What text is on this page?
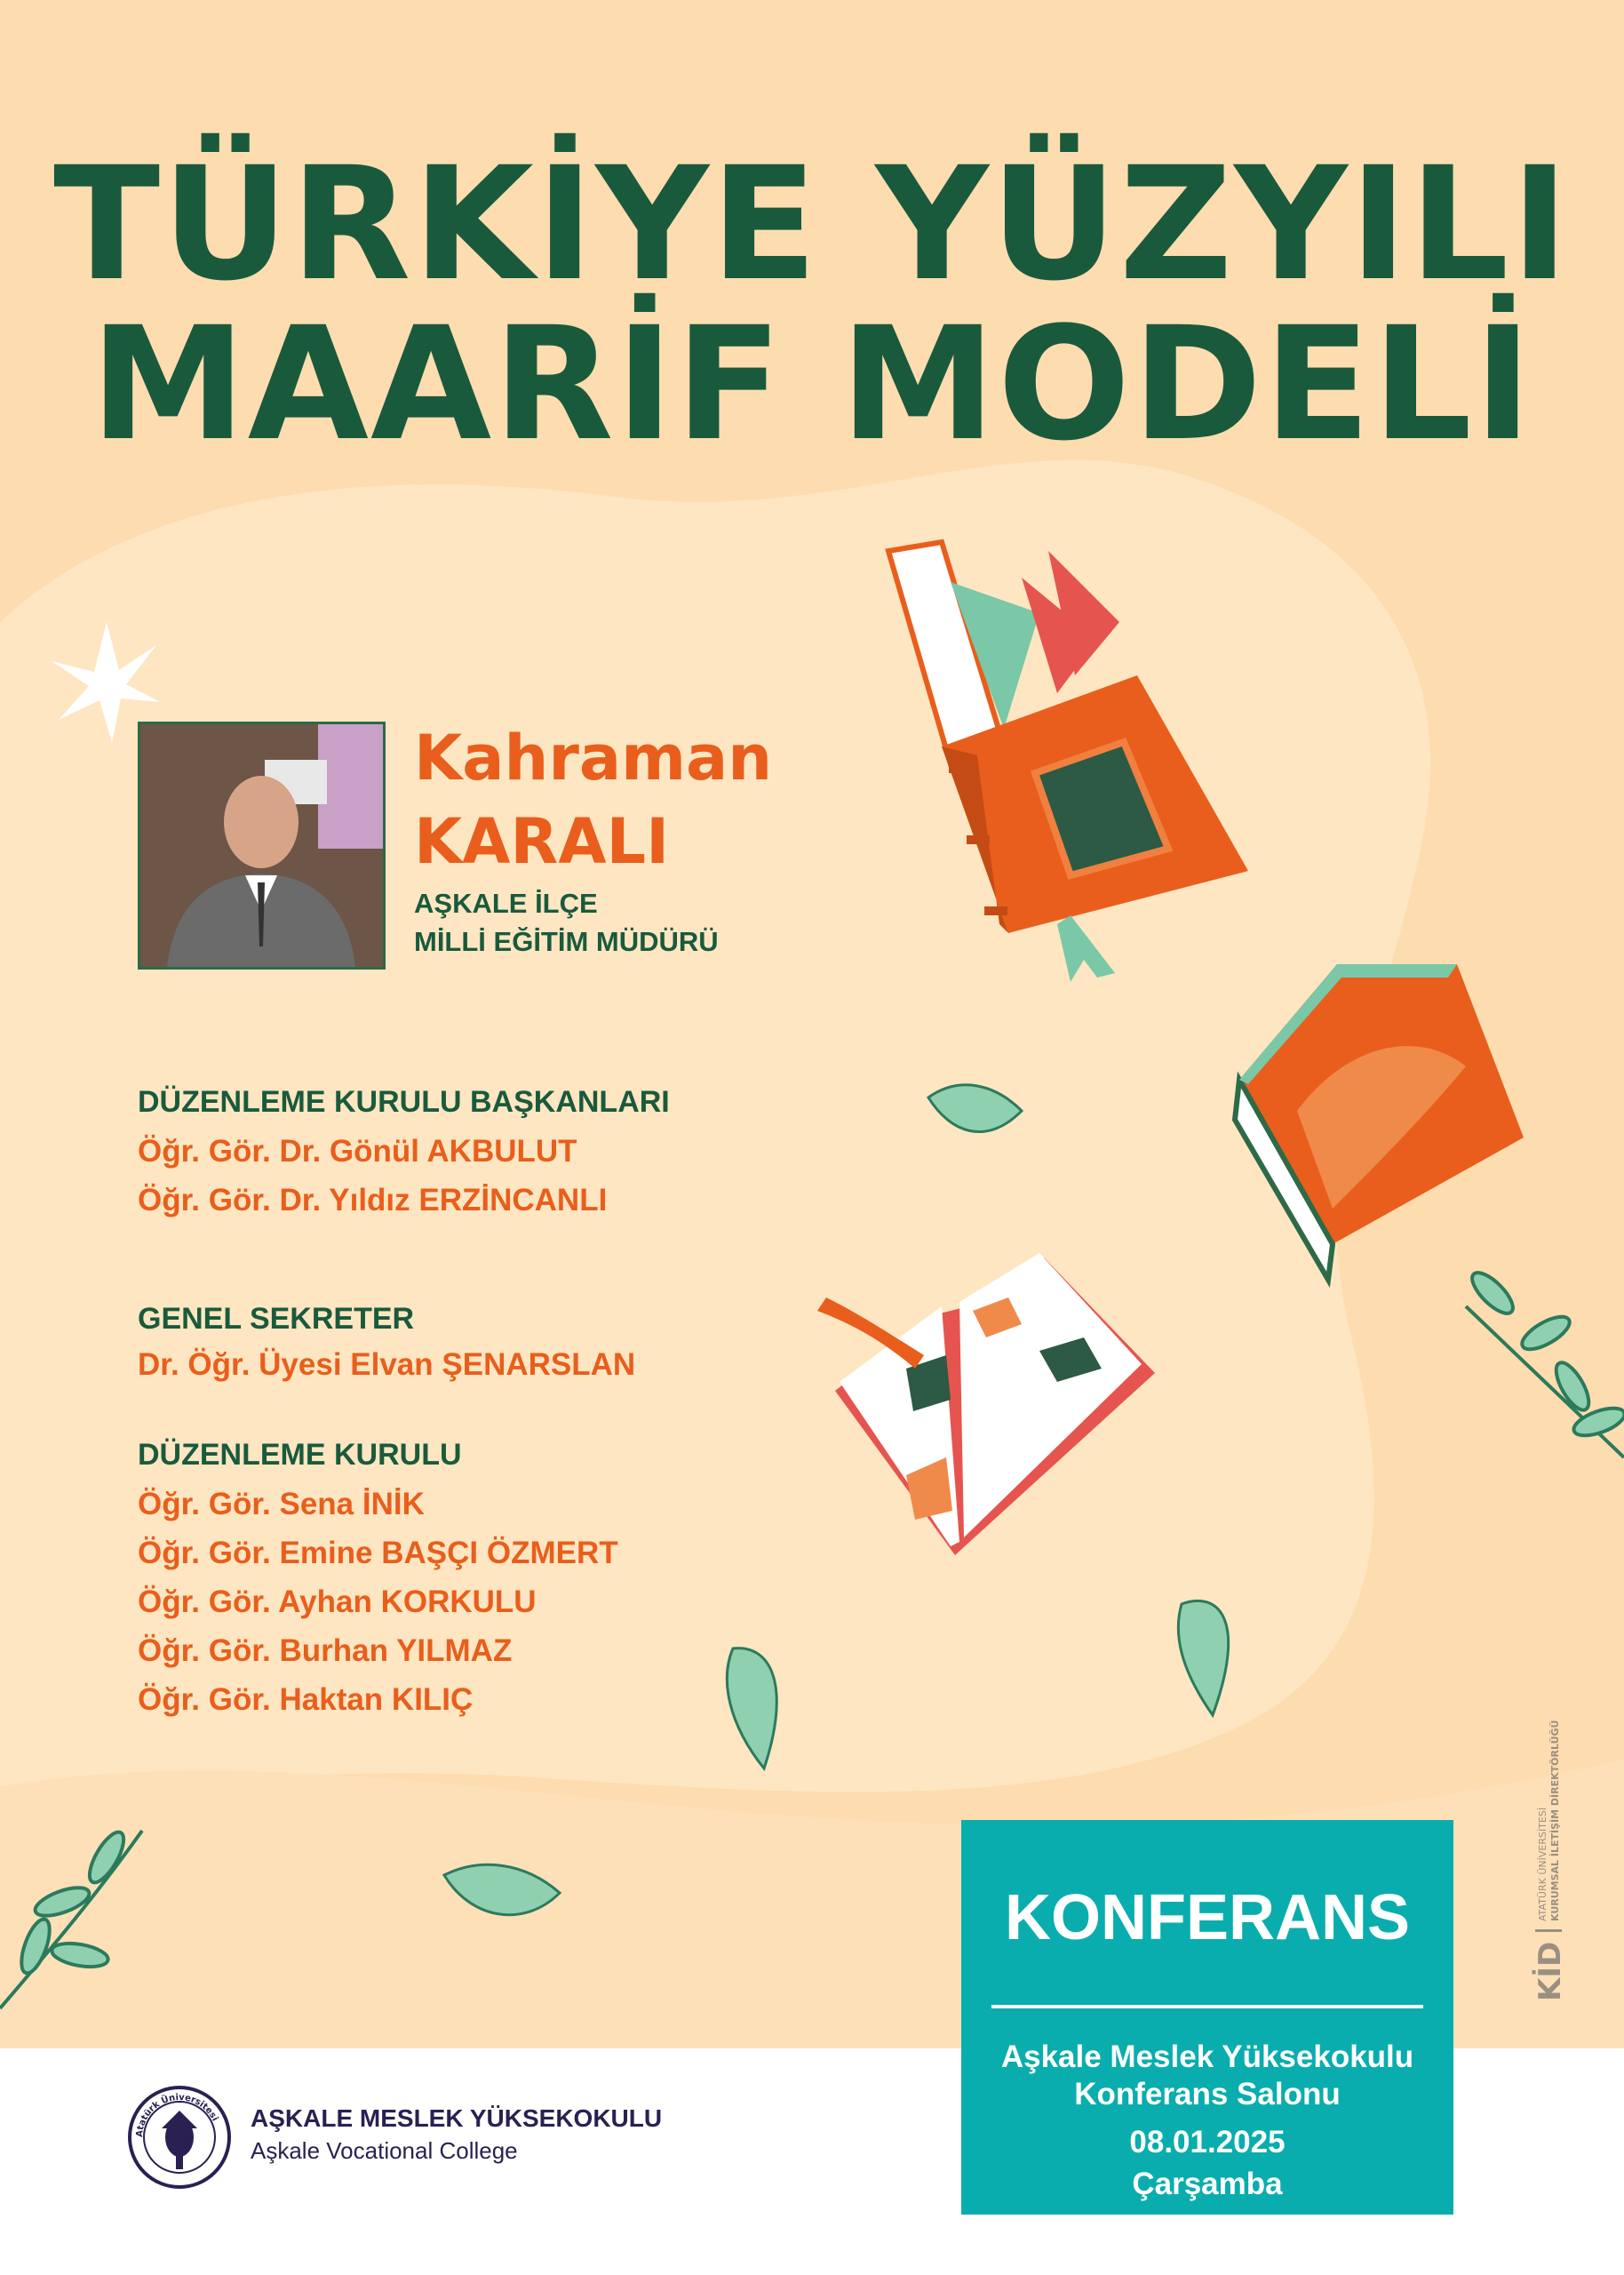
TÜRKİYE YÜZYILI
MAARİF MODELİ
Kahraman
KARALI
AŞKALE İLÇE
MİLLİ EĞİTİM MÜDÜRÜ
DÜZENLEME KURULU BAŞKANLARI
Öğr. Gör. Dr. Gönül AKBULUT
Öğr. Gör. Dr. Yıldız ERZİNCANLI
GENEL SEKRETER
Dr. Öğr. Üyesi Elvan ŞENARSLAN
DÜZENLEME KURULU
Öğr. Gör. Sena İNİK
Öğr. Gör. Emine BAŞÇI ÖZMERT
Öğr. Gör. Ayhan KORKULU
Öğr. Gör. Burhan YILMAZ
Öğr. Gör. Haktan KILIÇ
Atatürk Üniversitesi AŞKALE MESLEK YÜKSEKOKULU
Aşkale Vocational College
KONFERANS
Aşkale Meslek Yüksekokulu
Konferans Salonu
08.01.2025
Çarşamba
KİD
ATATÜRK ÜNİVERSİTESİ KURUMSAL İLETİŞİM DİREKTÖRLÜĞÜ
